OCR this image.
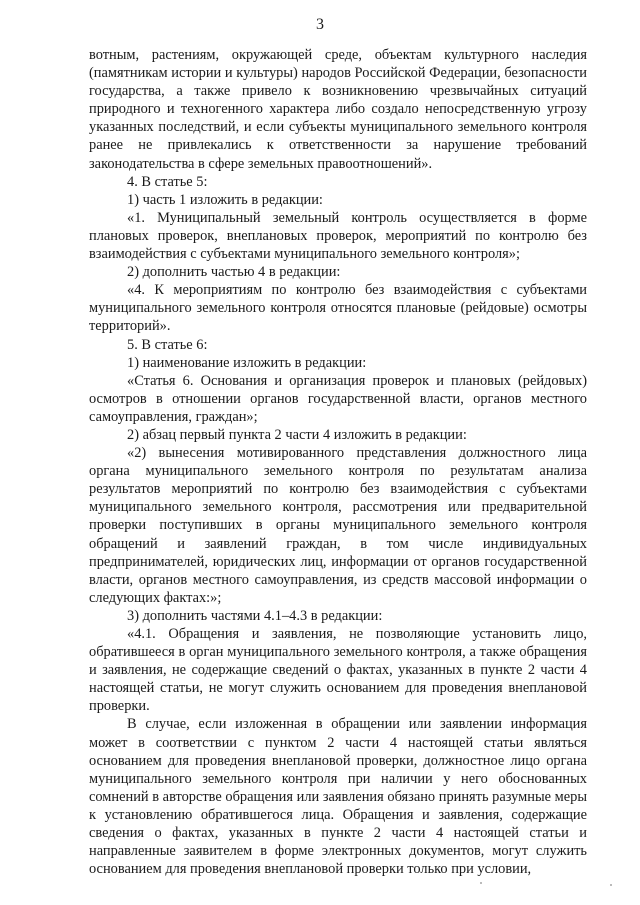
3

вотным, растениям, окружающей среде, объектам культурного наследия (памятникам истории и культуры) народов Российской Федерации, безопасности государства, а также привело к возникновению чрезвычайных ситуаций природного и техногенного характера либо создало непосредственную угрозу указанных последствий, и если субъекты муниципального земельного контроля ранее не привлекались к ответственности за нарушение требований законодательства в сфере земельных правоотношений».

4. В статье 5:

1) часть 1 изложить в редакции:

«1. Муниципальный земельный контроль осуществляется в форме плановых проверок, внеплановых проверок, мероприятий по контролю без взаимодействия с субъектами муниципального земельного контроля»;

2) дополнить частью 4 в редакции:

«4. К мероприятиям по контролю без взаимодействия с субъектами муниципального земельного контроля относятся плановые (рейдовые) осмотры территорий».

5. В статье 6:

1) наименование изложить в редакции:

«Статья 6. Основания и организация проверок и плановых (рейдовых) осмотров в отношении органов государственной власти, органов местного самоуправления, граждан»;

2) абзац первый пункта 2 части 4 изложить в редакции:

«2) вынесения мотивированного представления должностного лица органа муниципального земельного контроля по результатам анализа результатов мероприятий по контролю без взаимодействия с субъектами муниципального земельного контроля, рассмотрения или предварительной проверки поступивших в органы муниципального земельного контроля обращений и заявлений граждан, в том числе индивидуальных предпринимателей, юридических лиц, информации от органов государственной власти, органов местного самоуправления, из средств массовой информации о следующих фактах:»;

3) дополнить частями 4.1–4.3 в редакции:

«4.1. Обращения и заявления, не позволяющие установить лицо, обратившееся в орган муниципального земельного контроля, а также обращения и заявления, не содержащие сведений о фактах, указанных в пункте 2 части 4 настоящей статьи, не могут служить основанием для проведения внеплановой проверки.

В случае, если изложенная в обращении или заявлении информация может в соответствии с пунктом 2 части 4 настоящей статьи являться основанием для проведения внеплановой проверки, должностное лицо органа муниципального земельного контроля при наличии у него обоснованных сомнений в авторстве обращения или заявления обязано принять разумные меры к установлению обратившегося лица. Обращения и заявления, содержащие сведения о фактах, указанных в пункте 2 части 4 настоящей статьи и направленные заявителем в форме электронных документов, могут служить основанием для проведения внеплановой проверки только при условии,
